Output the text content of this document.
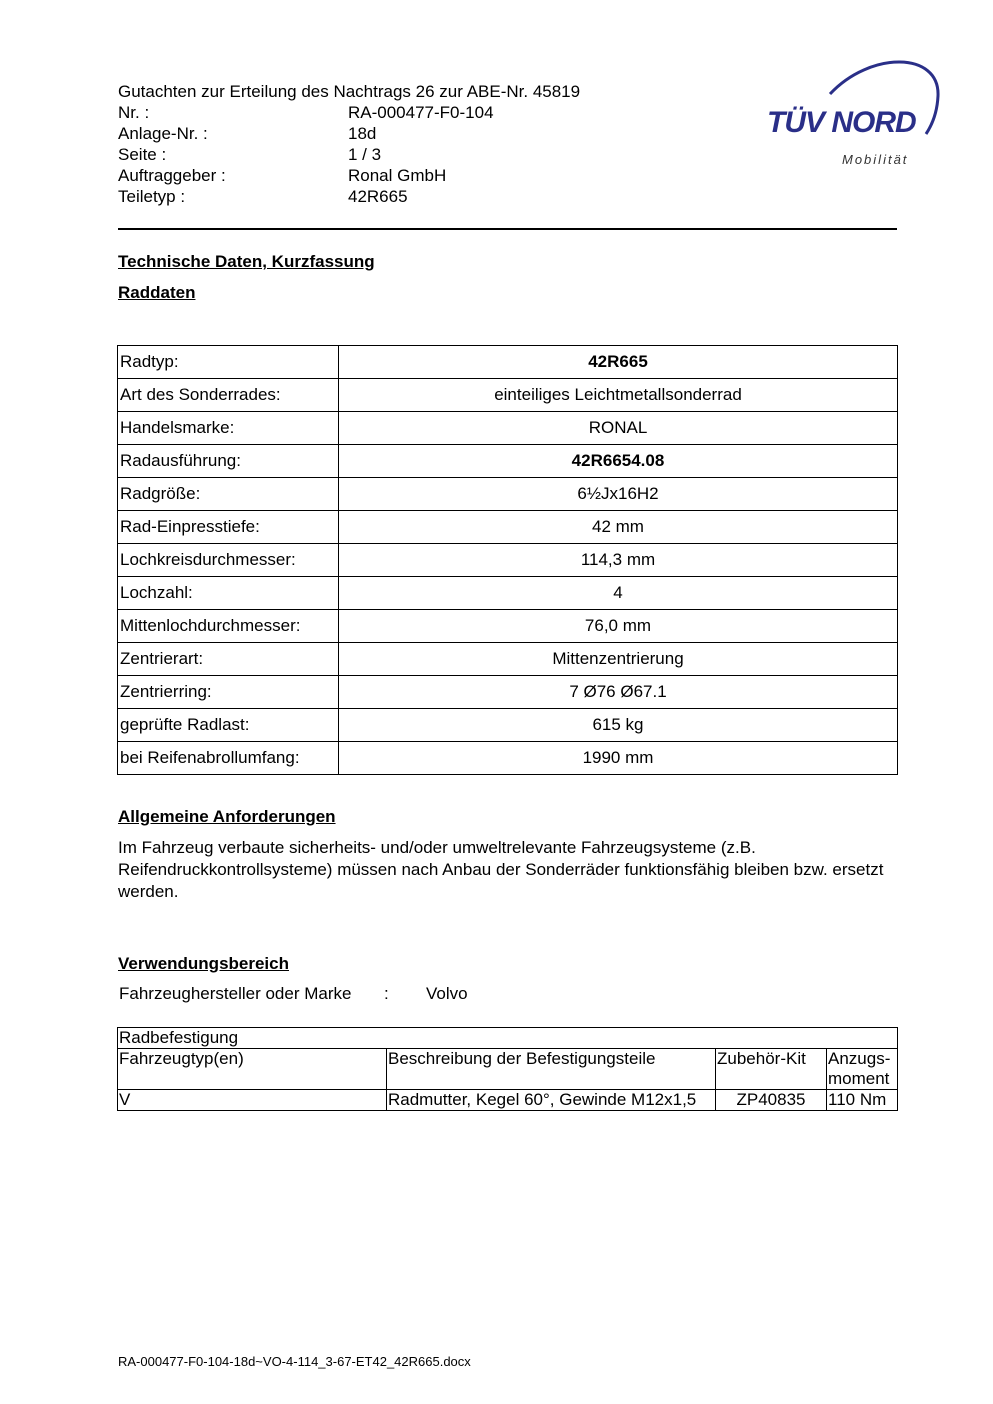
Gutachten zur Erteilung des Nachtrags 26 zur ABE-Nr. 45819
Nr. :	RA-000477-F0-104
Anlage-Nr. :	18d
Seite :	1 / 3
Auftraggeber :	Ronal GmbH
Teiletyp :	42R665
TÜV NORD
Mobilität
Technische Daten, Kurzfassung
Raddaten
Radtyp:	42R665
Art des Sonderrades:	einteiliges Leichtmetallsonderrad
Handelsmarke:	RONAL
Radausführung:	42R6654.08
Radgröße:	6½Jx16H2
Rad-Einpresstiefe:	42 mm
Lochkreisdurchmesser:	114,3 mm
Lochzahl:	4
Mittenlochdurchmesser:	76,0 mm
Zentrierart:	Mittenzentrierung
Zentrierring:	7 Ø76 Ø67.1
geprüfte Radlast:	615 kg
bei Reifenabrollumfang:	1990 mm
Allgemeine Anforderungen
Im Fahrzeug verbaute sicherheits- und/oder umweltrelevante Fahrzeugsysteme (z.B. Reifendruckkontrollsysteme) müssen nach Anbau der Sonderräder funktionsfähig bleiben bzw. ersetzt werden.
Verwendungsbereich
Fahrzeughersteller oder Marke : Volvo
Radbefestigung			
Fahrzeugtyp(en)	Beschreibung der Befestigungsteile	Zubehör-Kit	Anzugs-moment
V	Radmutter, Kegel 60°, Gewinde M12x1,5	ZP40835	110 Nm
RA-000477-F0-104-18d~VO-4-114_3-67-ET42_42R665.docx
